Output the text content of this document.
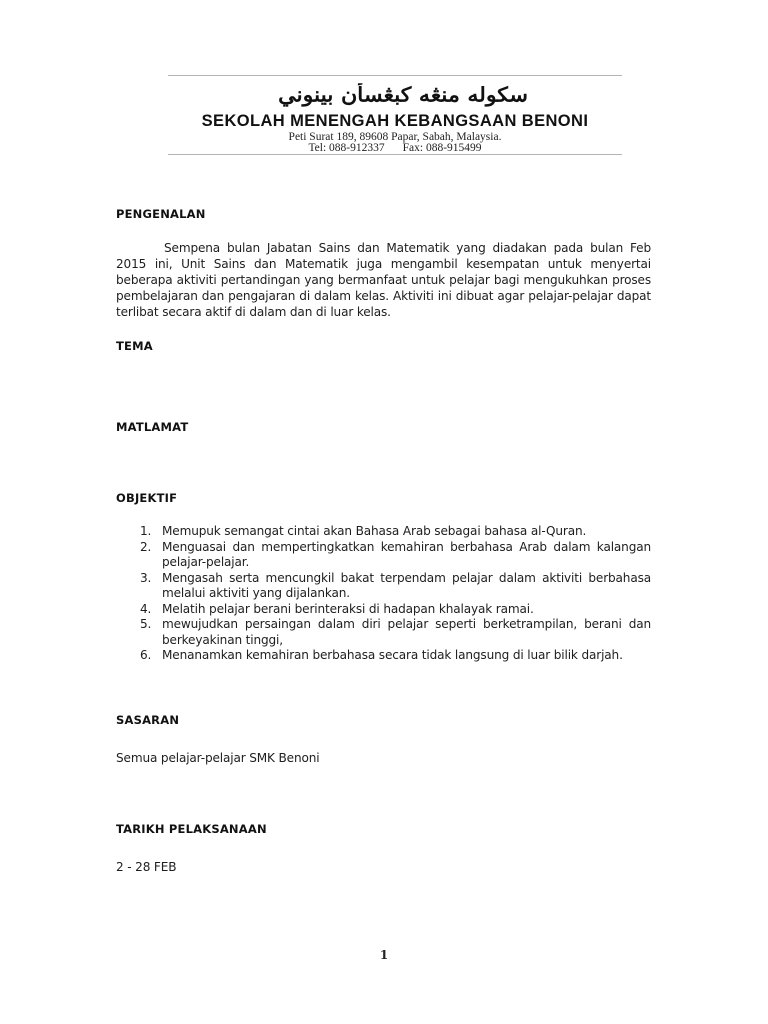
سكوله منڠه كبڠسأن بينوني
SEKOLAH MENENGAH KEBANGSAAN BENONI
Peti Surat 189, 89608 Papar, Sabah, Malaysia.
Tel: 088-912337 Fax: 088-915499
PENGENALAN
Sempena bulan Jabatan Sains dan Matematik yang diadakan pada bulan Feb 2015 ini, Unit Sains dan Matematik juga mengambil kesempatan untuk menyertai beberapa aktiviti pertandingan yang bermanfaat untuk pelajar bagi mengukuhkan proses pembelajaran dan pengajaran di dalam kelas. Aktiviti ini dibuat agar pelajar-pelajar dapat terlibat secara aktif di dalam dan di luar kelas.
TEMA
MATLAMAT
OBJEKTIF
1. Memupuk semangat cintai akan Bahasa Arab sebagai bahasa al-Quran.
2. Menguasai dan mempertingkatkan kemahiran berbahasa Arab dalam kalangan pelajar-pelajar.
3. Mengasah serta mencungkil bakat terpendam pelajar dalam aktiviti berbahasa melalui aktiviti yang dijalankan.
4. Melatih pelajar berani berinteraksi di hadapan khalayak ramai.
5. mewujudkan persaingan dalam diri pelajar seperti berketrampilan, berani dan berkeyakinan tinggi,
6. Menanamkan kemahiran berbahasa secara tidak langsung di luar bilik darjah.
SASARAN
Semua pelajar-pelajar SMK Benoni
TARIKH PELAKSANAAN
2 - 28 FEB
1
